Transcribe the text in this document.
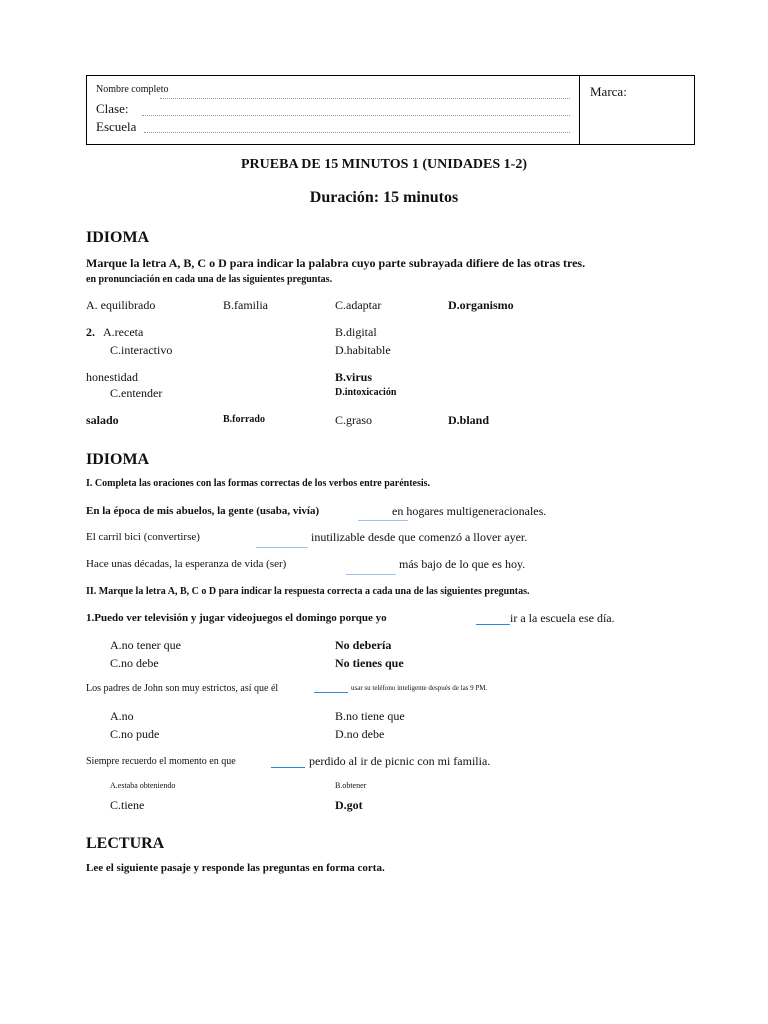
Nombre completo
Clase:
Escuela
Marca:
PRUEBA DE 15 MINUTOS 1 (UNIDADES 1-2)
Duración: 15 minutos
IDIOMA
Marque la letra A, B, C o D para indicar la palabra cuyo parte subrayada difiere de las otras tres.
en pronunciación en cada una de las siguientes preguntas.
A. equilibrado	B.familia	C.adaptar	D.organismo
2. A.receta	B.digital
C.interactivo	D.habitable
honestidad	B.virus
C.entender	D.intoxicación
salado	B.forrado	C.graso	D.bland
IDIOMA
I. Completa las oraciones con las formas correctas de los verbos entre paréntesis.
En la época de mis abuelos, la gente (usaba, vivía)	en hogares multigeneracionales.
El carril bici (convertirse)	inutilizable desde que comenzó a llover ayer.
Hace unas décadas, la esperanza de vida (ser)	más bajo de lo que es hoy.
II. Marque la letra A, B, C o D para indicar la respuesta correcta a cada una de las siguientes preguntas.
1.Puedo ver televisión y jugar videojuegos el domingo porque yo	ir a la escuela ese día.
A.no tener que	No debería
C.no debe	No tienes que
Los padres de John son muy estrictos, así que él	usar su teléfono inteligente después de las 9 PM.
A.no	B.no tiene que
C.no pude	D.no debe
Siempre recuerdo el momento en que	perdido al ir de picnic con mi familia.
A.estaba obteniendo	B.obtener
C.tiene	D.got
LECTURA
Lee el siguiente pasaje y responde las preguntas en forma corta.
